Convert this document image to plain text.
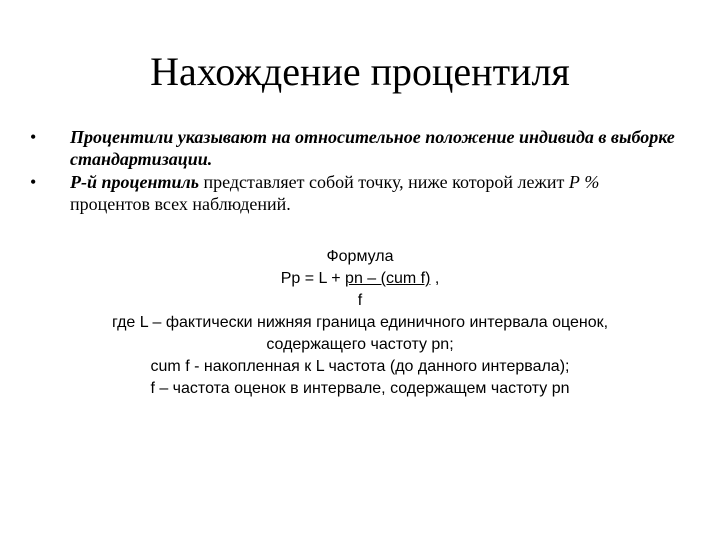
Нахождение процентиля
• Процентили указывают на относительное положение индивида в выборке стандартизации.
• Р-й процентиль представляет собой точку, ниже которой лежит Р % процентов всех наблюдений.
Формула
Pp = L + pn – (cum f) ,
f
где L – фактически нижняя граница единичного интервала оценок,
содержащего частоту pn;
cum f - накопленная к L частота (до данного интервала);
f – частота оценок в интервале, содержащем частоту pn
